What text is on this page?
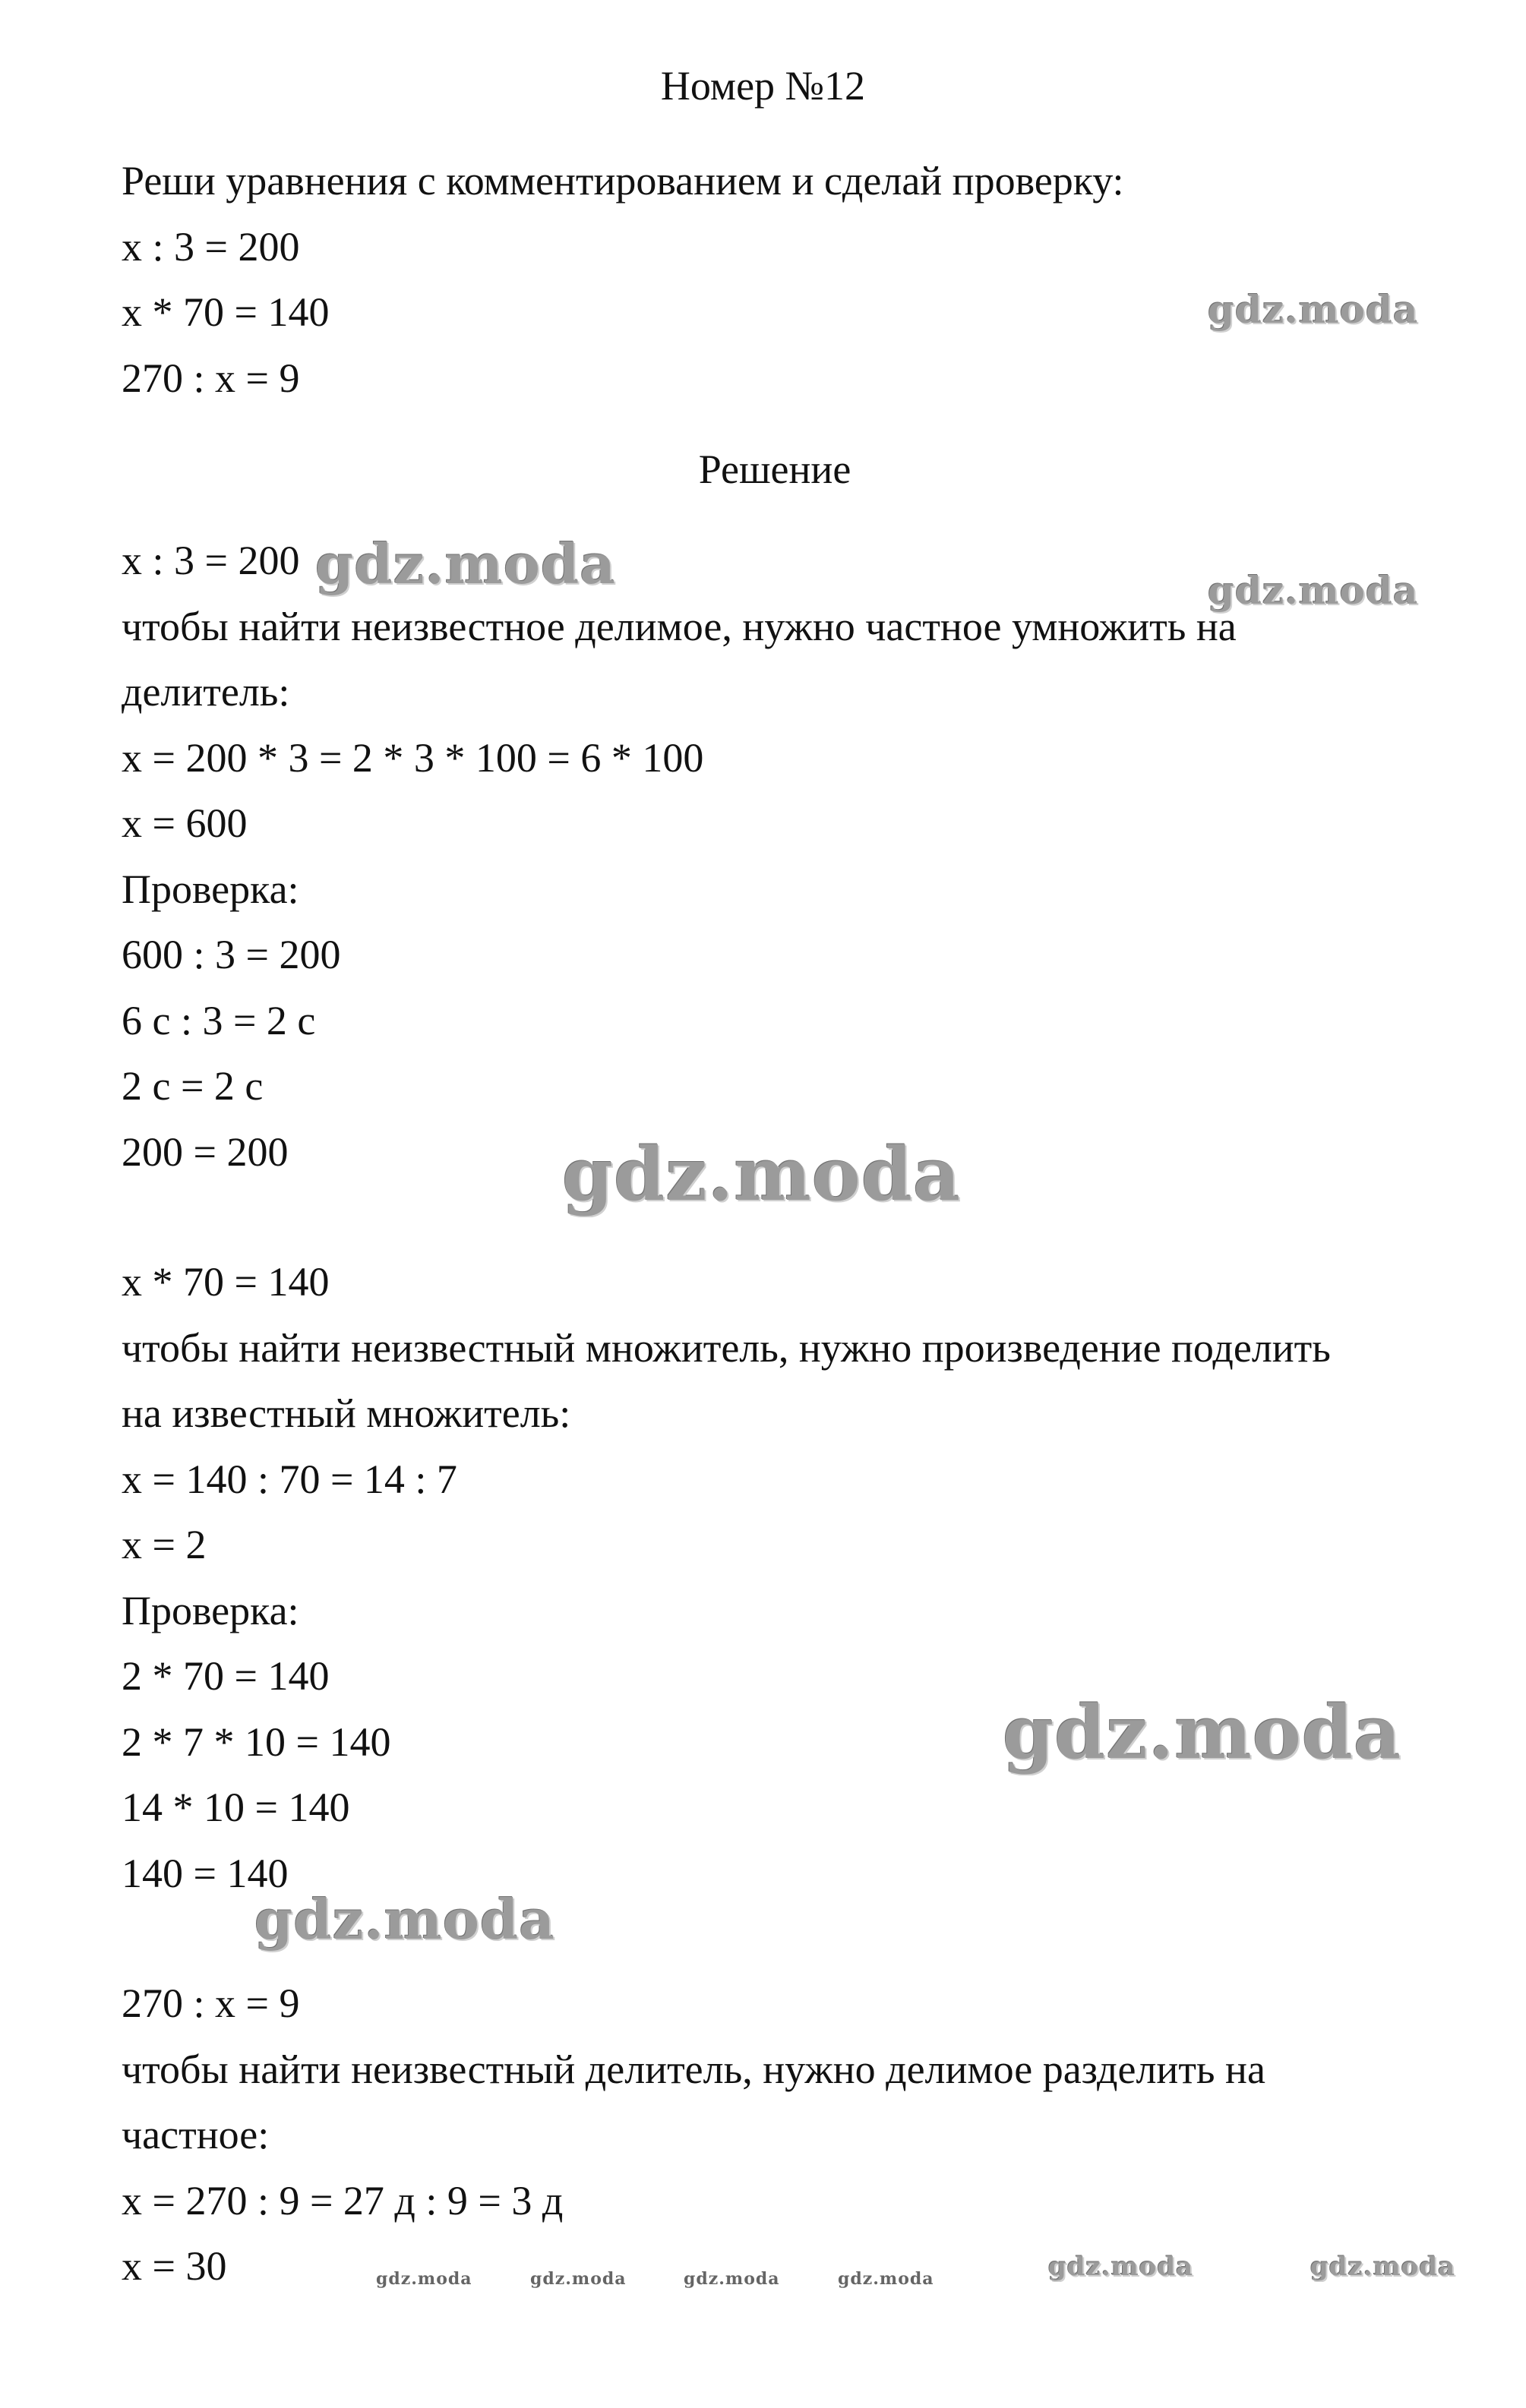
Номер №12
Реши уравнения с комментированием и сделай проверку:
x : 3 = 200
x * 70 = 140
270 : x = 9
Решение
x : 3 = 200
чтобы найти неизвестное делимое, нужно частное умножить на
делитель:
x = 200 * 3 = 2 * 3 * 100 = 6 * 100
x = 600
Проверка:
600 : 3 = 200
6 с : 3 = 2 с
2 с = 2 с
200 = 200
x * 70 = 140
чтобы найти неизвестный множитель, нужно произведение поделить
на известный множитель:
x = 140 : 70 = 14 : 7
x = 2
Проверка:
2 * 70 = 140
2 * 7 * 10 = 140
14 * 10 = 140
140 = 140
270 : x = 9
чтобы найти неизвестный делитель, нужно делимое разделить на
частное:
x = 270 : 9 = 27 д : 9 = 3 д
x = 30
gdz.moda
gdz.moda	gdz.moda
gdz.moda
gdz.moda
gdz.moda
gdz.moda	gdz.moda	gdz.moda	gdz.moda	gdz.moda	gdz.moda
